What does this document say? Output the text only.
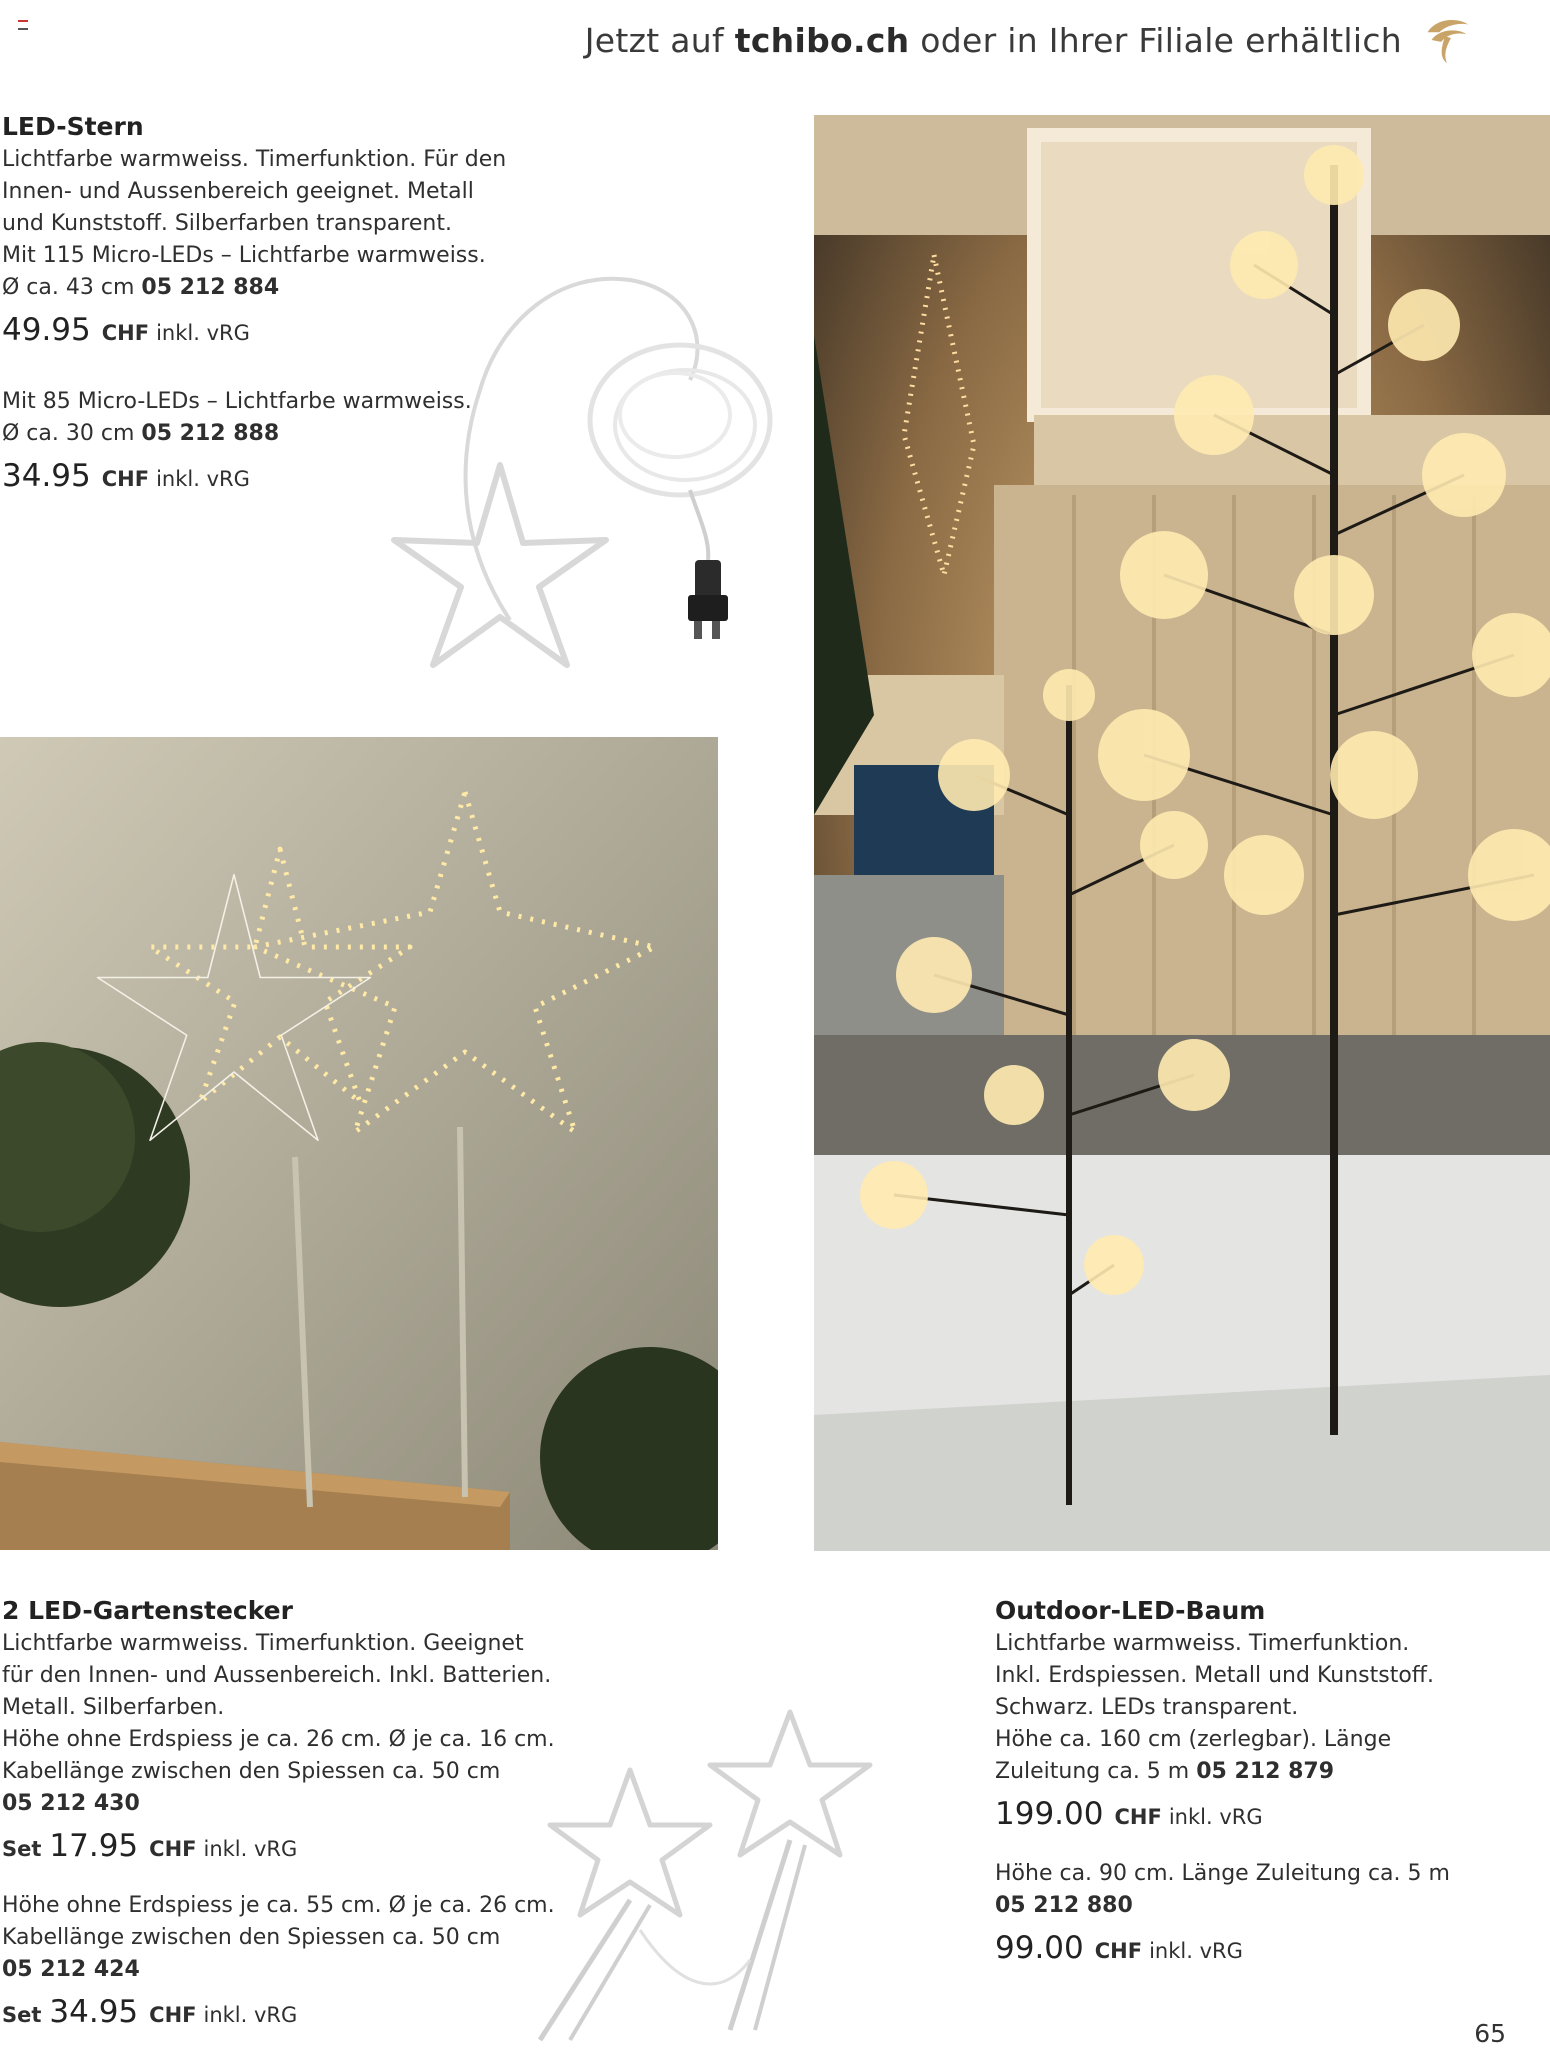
Jetzt auf
tchibo.ch
oder in Ihrer Filiale erhältlich
LED-Stern
Lichtfarbe warmweiss. Timerfunktion. Für den
Innen- und Aussenbereich geeignet. Metall
und Kunststoff. Silberfarben transparent.
Mit 115 Micro-LEDs – Lichtfarbe warmweiss.
Ø ca. 43 cm 05 212 884
49.95 CHF inkl. vRG
Mit 85 Micro-LEDs – Lichtfarbe warmweiss.
Ø ca. 30 cm 05 212 888
34.95 CHF inkl. vRG
2 LED-Gartenstecker
Lichtfarbe warmweiss. Timerfunktion. Geeignet
für den Innen- und Aussenbereich. Inkl. Batterien.
Metall. Silberfarben.
Höhe ohne Erdspiess je ca. 26 cm. Ø je ca. 16 cm.
Kabellänge zwischen den Spiessen ca. 50 cm
05 212 430
Set 17.95 CHF inkl. vRG
Höhe ohne Erdspiess je ca. 55 cm. Ø je ca. 26 cm.
Kabellänge zwischen den Spiessen ca. 50 cm
05 212 424
Set 34.95 CHF inkl. vRG
Outdoor-LED-Baum
Lichtfarbe warmweiss. Timerfunktion.
Inkl. Erdspiessen. Metall und Kunststoff.
Schwarz. LEDs transparent.
Höhe ca. 160 cm (zerlegbar). Länge
Zuleitung ca. 5 m 05 212 879
199.00 CHF inkl. vRG
Höhe ca. 90 cm. Länge Zuleitung ca. 5 m
05 212 880
99.00 CHF inkl. vRG
65
